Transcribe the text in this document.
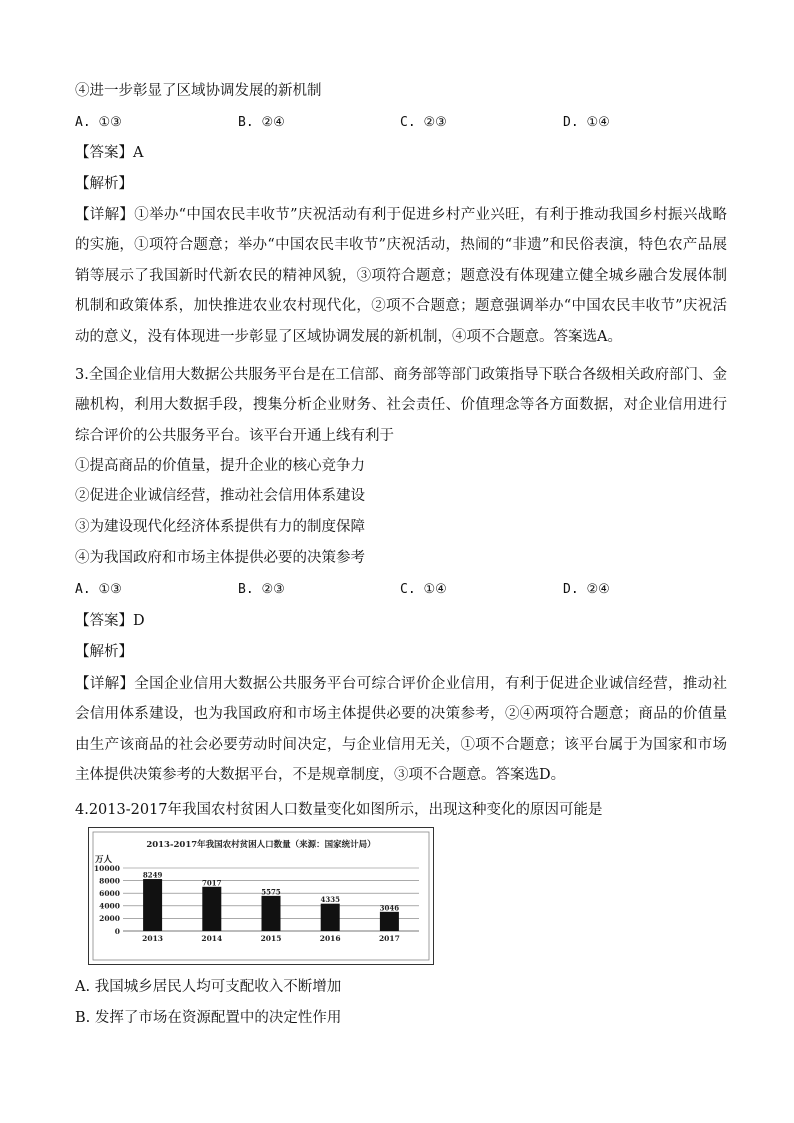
④进一步彰显了区域协调发展的新机制
A. ①③	B. ②④	C. ②③	D. ①④
【答案】A
【解析】
【详解】①举办“中国农民丰收节”庆祝活动有利于促进乡村产业兴旺，有利于推动我国乡村振兴战略的实施，①项符合题意；举办“中国农民丰收节”庆祝活动，热闹的“非遗”和民俗表演，特色农产品展销等展示了我国新时代新农民的精神风貌，③项符合题意；题意没有体现建立健全城乡融合发展体制机制和政策体系，加快推进农业农村现代化，②项不合题意；题意强调举办“中国农民丰收节”庆祝活动的意义，没有体现进一步彰显了区域协调发展的新机制，④项不合题意。答案选A。
3.全国企业信用大数据公共服务平台是在工信部、商务部等部门政策指导下联合各级相关政府部门、金融机构，利用大数据手段，搜集分析企业财务、社会责任、价值理念等各方面数据，对企业信用进行综合评价的公共服务平台。该平台开通上线有利于
①提高商品的价值量，提升企业的核心竞争力
②促进企业诚信经营，推动社会信用体系建设
③为建设现代化经济体系提供有力的制度保障
④为我国政府和市场主体提供必要的决策参考
A. ①③	B. ②③	C. ①④	D. ②④
【答案】D
【解析】
【详解】全国企业信用大数据公共服务平台可综合评价企业信用，有利于促进企业诚信经营，推动社会信用体系建设，也为我国政府和市场主体提供必要的决策参考，②④两项符合题意；商品的价值量由生产该商品的社会必要劳动时间决定，与企业信用无关，①项不合题意；该平台属于为国家和市场主体提供决策参考的大数据平台，不是规章制度，③项不合题意。答案选D。
4.2013-2017年我国农村贫困人口数量变化如图所示，出现这种变化的原因可能是
2013-2017年我国农村贫困人口数量（来源：国家统计局）
万人
10000
8000
6000
4000
2000
0
8249
2013
7017
2014
5575
2015
4335
2016
3046
2017
A. 我国城乡居民人均可支配收入不断增加
B. 发挥了市场在资源配置中的决定性作用
